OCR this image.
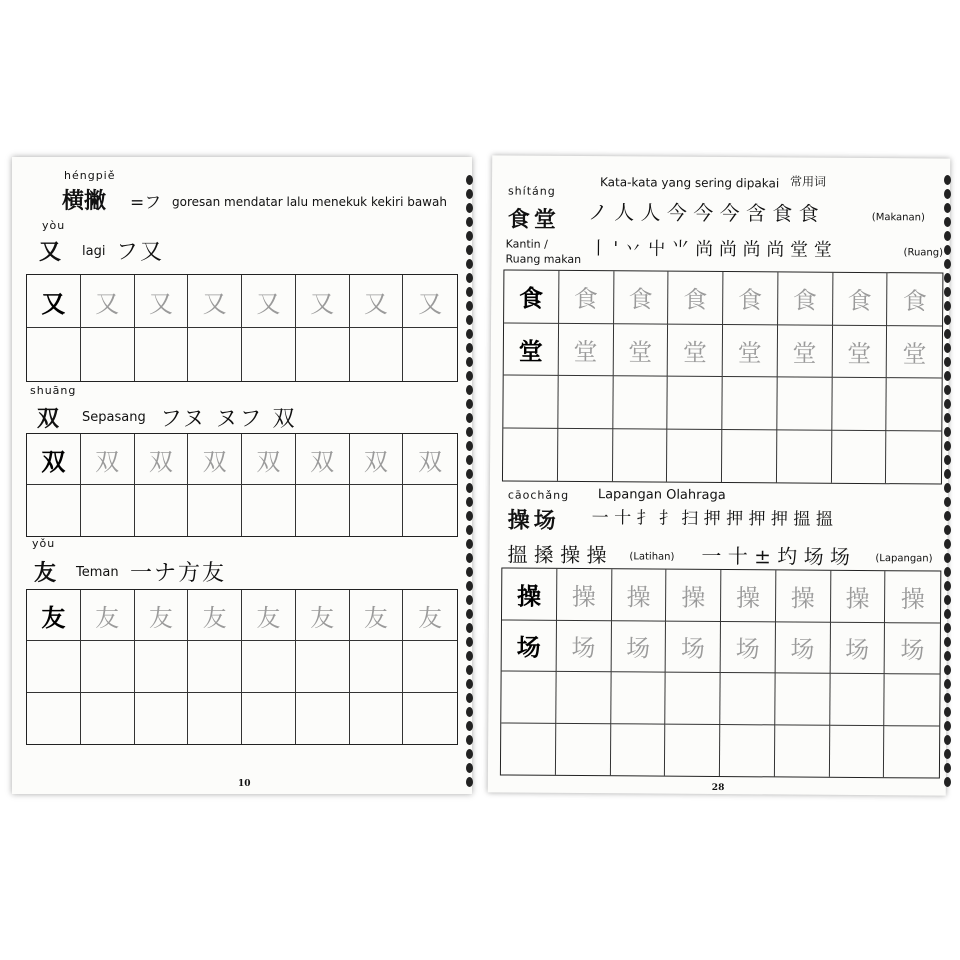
héngpiě
横撇 =フ goresan mendatar lalu menekuk kekiri bawah
yòu
又 lagi フ又
又	又	又	又	又	又	又	又
shuāng
双 Sepasang フヌ ヌフ 双
双	双	双	双	双	双	双	双
yǒu
友 Teman 一ナ方友
友	友	友	友	友	友	友	友
10
Kata-kata yang sering dipakai 常用词
shítáng
食堂 ノ 人 人 今 今 今 含 食 食	(Makanan)
Kantin /
Ruang makan 丨 ' 丷 屮 ⺌ 尚 尚 尚 尚 堂 堂	(Ruang)
食	食	食	食	食	食	食	食
堂	堂	堂	堂	堂	堂	堂	堂
cāochǎng Lapangan Olahraga
操场 一 十 扌 扌 扫 押 押 押 押 搵 搵
搵 搡 操 操 (Latihan) 一 十 ± 圴 场 场	(Lapangan)
操	操	操	操	操	操	操	操
场	场	场	场	场	场	场	场
28
